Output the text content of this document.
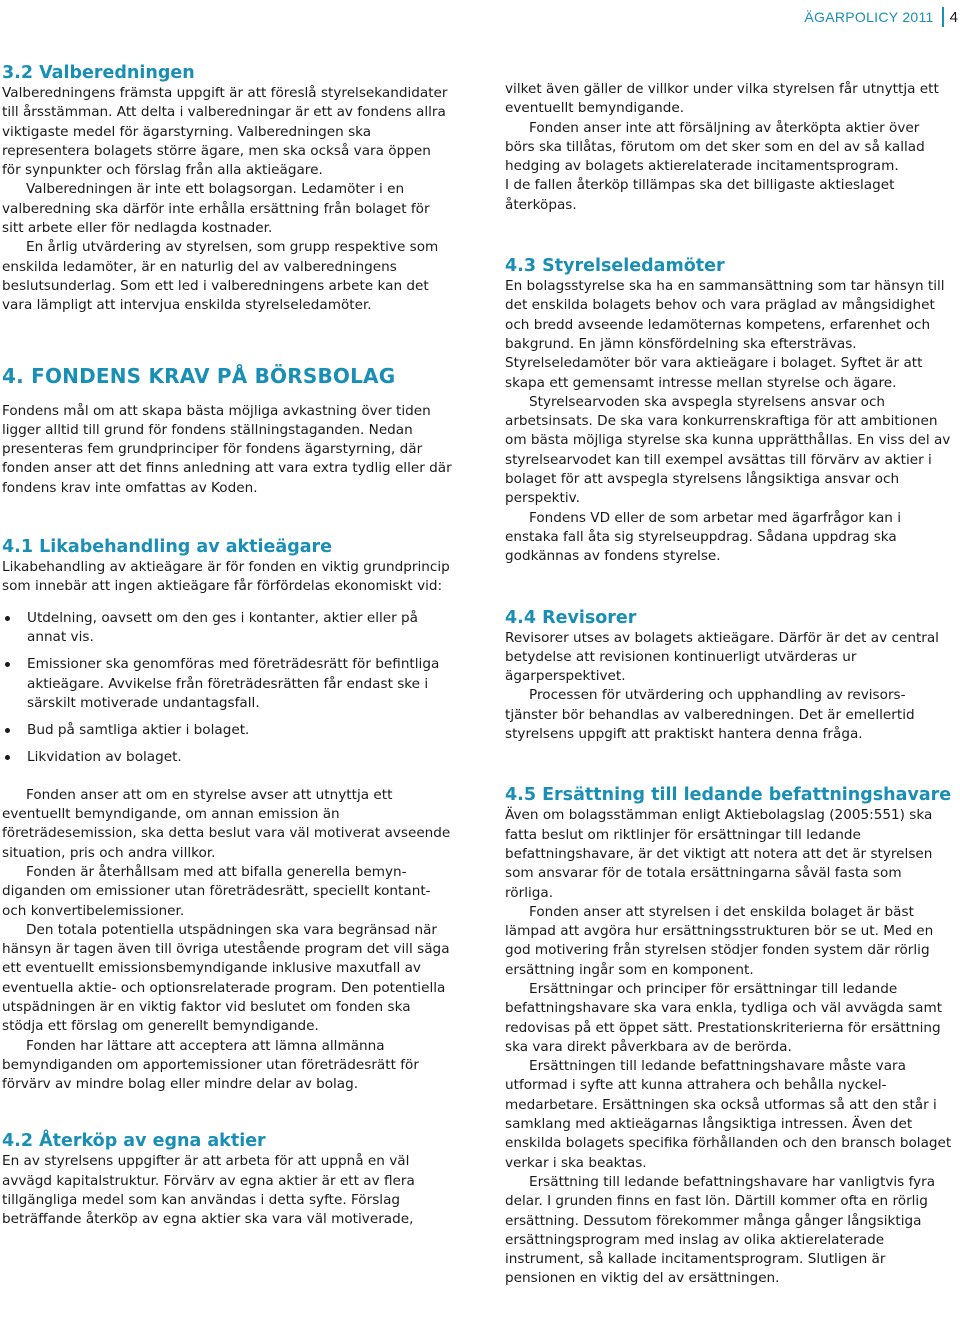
ÄGARPOLICY 2011 4
3.2 Valberedningen

Valberedningens främsta uppgift är att föreslå styrelsekandidater till årsstämman. Att delta i valberedningar är ett av fondens allra viktigaste medel för ägarstyrning. Valberedningen ska representera bolagets större ägare, men ska också vara öppen för synpunkter och förslag från alla aktieägare.

Valberedningen är inte ett bolagsorgan. Ledamöter i en valberedning ska därför inte erhålla ersättning från bolaget för sitt arbete eller för nedlagda kostnader.

En årlig utvärdering av styrelsen, som grupp respektive som enskilda ledamöter, är en naturlig del av valberedningens beslutsunderlag. Som ett led i valberedningens arbete kan det vara lämpligt att intervjua enskilda styrelseledamöter.

4. FONDENS KRAV PÅ BÖRSBOLAG

Fondens mål om att skapa bästa möjliga avkastning över tiden ligger alltid till grund för fondens ställningstaganden. Nedan presenteras fem grundprinciper för fondens ägarstyrning, där fonden anser att det finns anledning att vara extra tydlig eller där fondens krav inte omfattas av Koden.

4.1 Likabehandling av aktieägare

Likabehandling av aktieägare är för fonden en viktig grundprincip som innebär att ingen aktieägare får förfördelas ekonomiskt vid:

Utdelning, oavsett om den ges i kontanter, aktier eller på annat vis.
Emissioner ska genomföras med företrädesrätt för befintliga aktieägare. Avvikelse från företrädesrätten får endast ske i särskilt motiverade undantagsfall.
Bud på samtliga aktier i bolaget.
Likvidation av bolaget.

Fonden anser att om en styrelse avser att utnyttja ett eventuellt bemyndigande, om annan emission än företrädesemission, ska detta beslut vara väl motiverat avseende situation, pris och andra villkor.

Fonden är återhållsam med att bifalla generella bemyndiganden om emissioner utan företrädesrätt, speciellt kontant- och konvertibelemissioner.

Den totala potentiella utspädningen ska vara begränsad när hänsyn är tagen även till övriga utestående program det vill säga ett eventuellt emissionsbemyndigande inklusive maxutfall av eventuella aktie- och optionsrelaterade program. Den potentiella utspädningen är en viktig faktor vid beslutet om fonden ska stödja ett förslag om generellt bemyndigande.

Fonden har lättare att acceptera att lämna allmänna bemyndiganden om apportemissioner utan företrädesrätt för förvärv av mindre bolag eller mindre delar av bolag.

4.2 Återköp av egna aktier

En av styrelsens uppgifter är att arbeta för att uppnå en väl avvägd kapitalstruktur. Förvärv av egna aktier är ett av flera tillgängliga medel som kan användas i detta syfte. Förslag beträffande återköp av egna aktier ska vara väl motiverade,

vilket även gäller de villkor under vilka styrelsen får utnyttja ett eventuellt bemyndigande.

Fonden anser inte att försäljning av återköpta aktier över börs ska tillåtas, förutom om det sker som en del av så kallad hedging av bolagets aktierelaterade incitamentsprogram.

I de fallen återköp tillämpas ska det billigaste aktieslaget återköpas.

4.3 Styrelseledamöter

En bolagsstyrelse ska ha en sammansättning som tar hänsyn till det enskilda bolagets behov och vara präglad av mångsidighet och bredd avseende ledamöternas kompetens, erfarenhet och bakgrund. En jämn könsfördelning ska eftersträvas. Styrelseledamöter bör vara aktieägare i bolaget. Syftet är att skapa ett gemensamt intresse mellan styrelse och ägare.

Styrelsearvoden ska avspegla styrelsens ansvar och arbetsinsats. De ska vara konkurrenskraftiga för att ambitionen om bästa möjliga styrelse ska kunna upprätthållas. En viss del av styrelsearvodet kan till exempel avsättas till förvärv av aktier i bolaget för att avspegla styrelsens långsiktiga ansvar och perspektiv.

Fondens VD eller de som arbetar med ägarfrågor kan i enstaka fall åta sig styrelseuppdrag. Sådana uppdrag ska godkännas av fondens styrelse.

4.4 Revisorer

Revisorer utses av bolagets aktieägare. Därför är det av central betydelse att revisionen kontinuerligt utvärderas ur ägarperspektivet.

Processen för utvärdering och upphandling av revisorstjänster bör behandlas av valberedningen. Det är emellertid styrelsens uppgift att praktiskt hantera denna fråga.

4.5 Ersättning till ledande befattningshavare

Även om bolagsstämman enligt Aktiebolagslag (2005:551) ska fatta beslut om riktlinjer för ersättningar till ledande befattningshavare, är det viktigt att notera att det är styrelsen som ansvarar för de totala ersättningarna såväl fasta som rörliga.

Fonden anser att styrelsen i det enskilda bolaget är bäst lämpad att avgöra hur ersättningsstrukturen bör se ut. Med en god motivering från styrelsen stödjer fonden system där rörlig ersättning ingår som en komponent.

Ersättningar och principer för ersättningar till ledande befattningshavare ska vara enkla, tydliga och väl avvägda samt redovisas på ett öppet sätt. Prestationskriterierna för ersättning ska vara direkt påverkbara av de berörda.

Ersättningen till ledande befattningshavare måste vara utformad i syfte att kunna attrahera och behålla nyckelmedarbetare. Ersättningen ska också utformas så att den står i samklang med aktieägarnas långsiktiga intressen. Även det enskilda bolagets specifika förhållanden och den bransch bolaget verkar i ska beaktas.

Ersättning till ledande befattningshavare har vanligtvis fyra delar. I grunden finns en fast lön. Därtill kommer ofta en rörlig ersättning. Dessutom förekommer många gånger långsiktiga ersättningsprogram med inslag av olika aktierelaterade instrument, så kallade incitamentsprogram. Slutligen är pensionen en viktig del av ersättningen.
